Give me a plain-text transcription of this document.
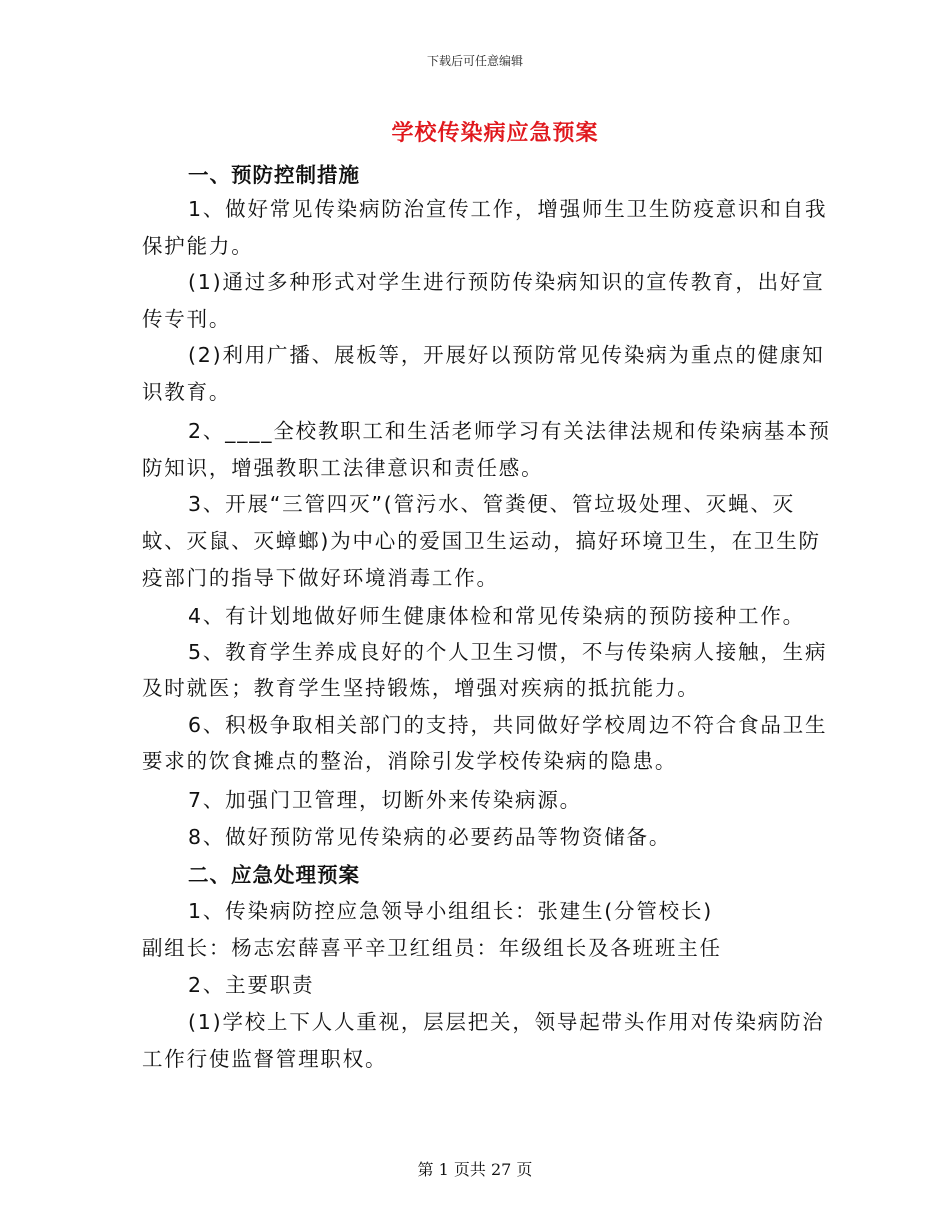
下载后可任意编辑
学校传染病应急预案
一、预防控制措施
1、做好常见传染病防治宣传工作，增强师生卫生防疫意识和自我
保护能力。
(1)通过多种形式对学生进行预防传染病知识的宣传教育，出好宣
传专刊。
(2)利用广播、展板等，开展好以预防常见传染病为重点的健康知
识教育。
2、____全校教职工和生活老师学习有关法律法规和传染病基本预
防知识，增强教职工法律意识和责任感。
3、开展“三管四灭”(管污水、管粪便、管垃圾处理、灭蝇、灭
蚊、灭鼠、灭蟑螂)为中心的爱国卫生运动，搞好环境卫生，在卫生防
疫部门的指导下做好环境消毒工作。
4、有计划地做好师生健康体检和常见传染病的预防接种工作。
5、教育学生养成良好的个人卫生习惯，不与传染病人接触，生病
及时就医；教育学生坚持锻炼，增强对疾病的抵抗能力。
6、积极争取相关部门的支持，共同做好学校周边不符合食品卫生
要求的饮食摊点的整治，消除引发学校传染病的隐患。
7、加强门卫管理，切断外来传染病源。
8、做好预防常见传染病的必要药品等物资储备。
二、应急处理预案
1、传染病防控应急领导小组组长：张建生(分管校长)
副组长：杨志宏薛喜平辛卫红组员：年级组长及各班班主任
2、主要职责
(1)学校上下人人重视，层层把关，领导起带头作用对传染病防治
工作行使监督管理职权。
第 1 页共 27 页
